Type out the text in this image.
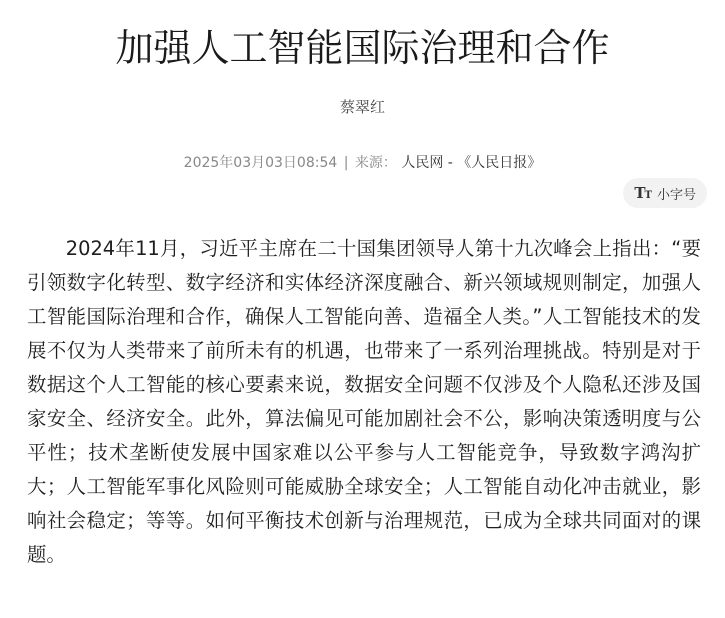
加强人工智能国际治理和合作
蔡翠红
2025年03月03日08:54 | 来源： 人民网 - 《人民日报》
TT 小字号

2024年11月，习近平主席在二十国集团领导人第十九次峰会上指出：“要引领数字化转型、数字经济和实体经济深度融合、新兴领域规则制定，加强人工智能国际治理和合作，确保人工智能向善、造福全人类。”人工智能技术的发展不仅为人类带来了前所未有的机遇，也带来了一系列治理挑战。特别是对于数据这个人工智能的核心要素来说，数据安全问题不仅涉及个人隐私还涉及国家安全、经济安全。此外，算法偏见可能加剧社会不公，影响决策透明度与公平性；技术垄断使发展中国家难以公平参与人工智能竞争，导致数字鸿沟扩大；人工智能军事化风险则可能威胁全球安全；人工智能自动化冲击就业，影响社会稳定；等等。如何平衡技术创新与治理规范，已成为全球共同面对的课题。
